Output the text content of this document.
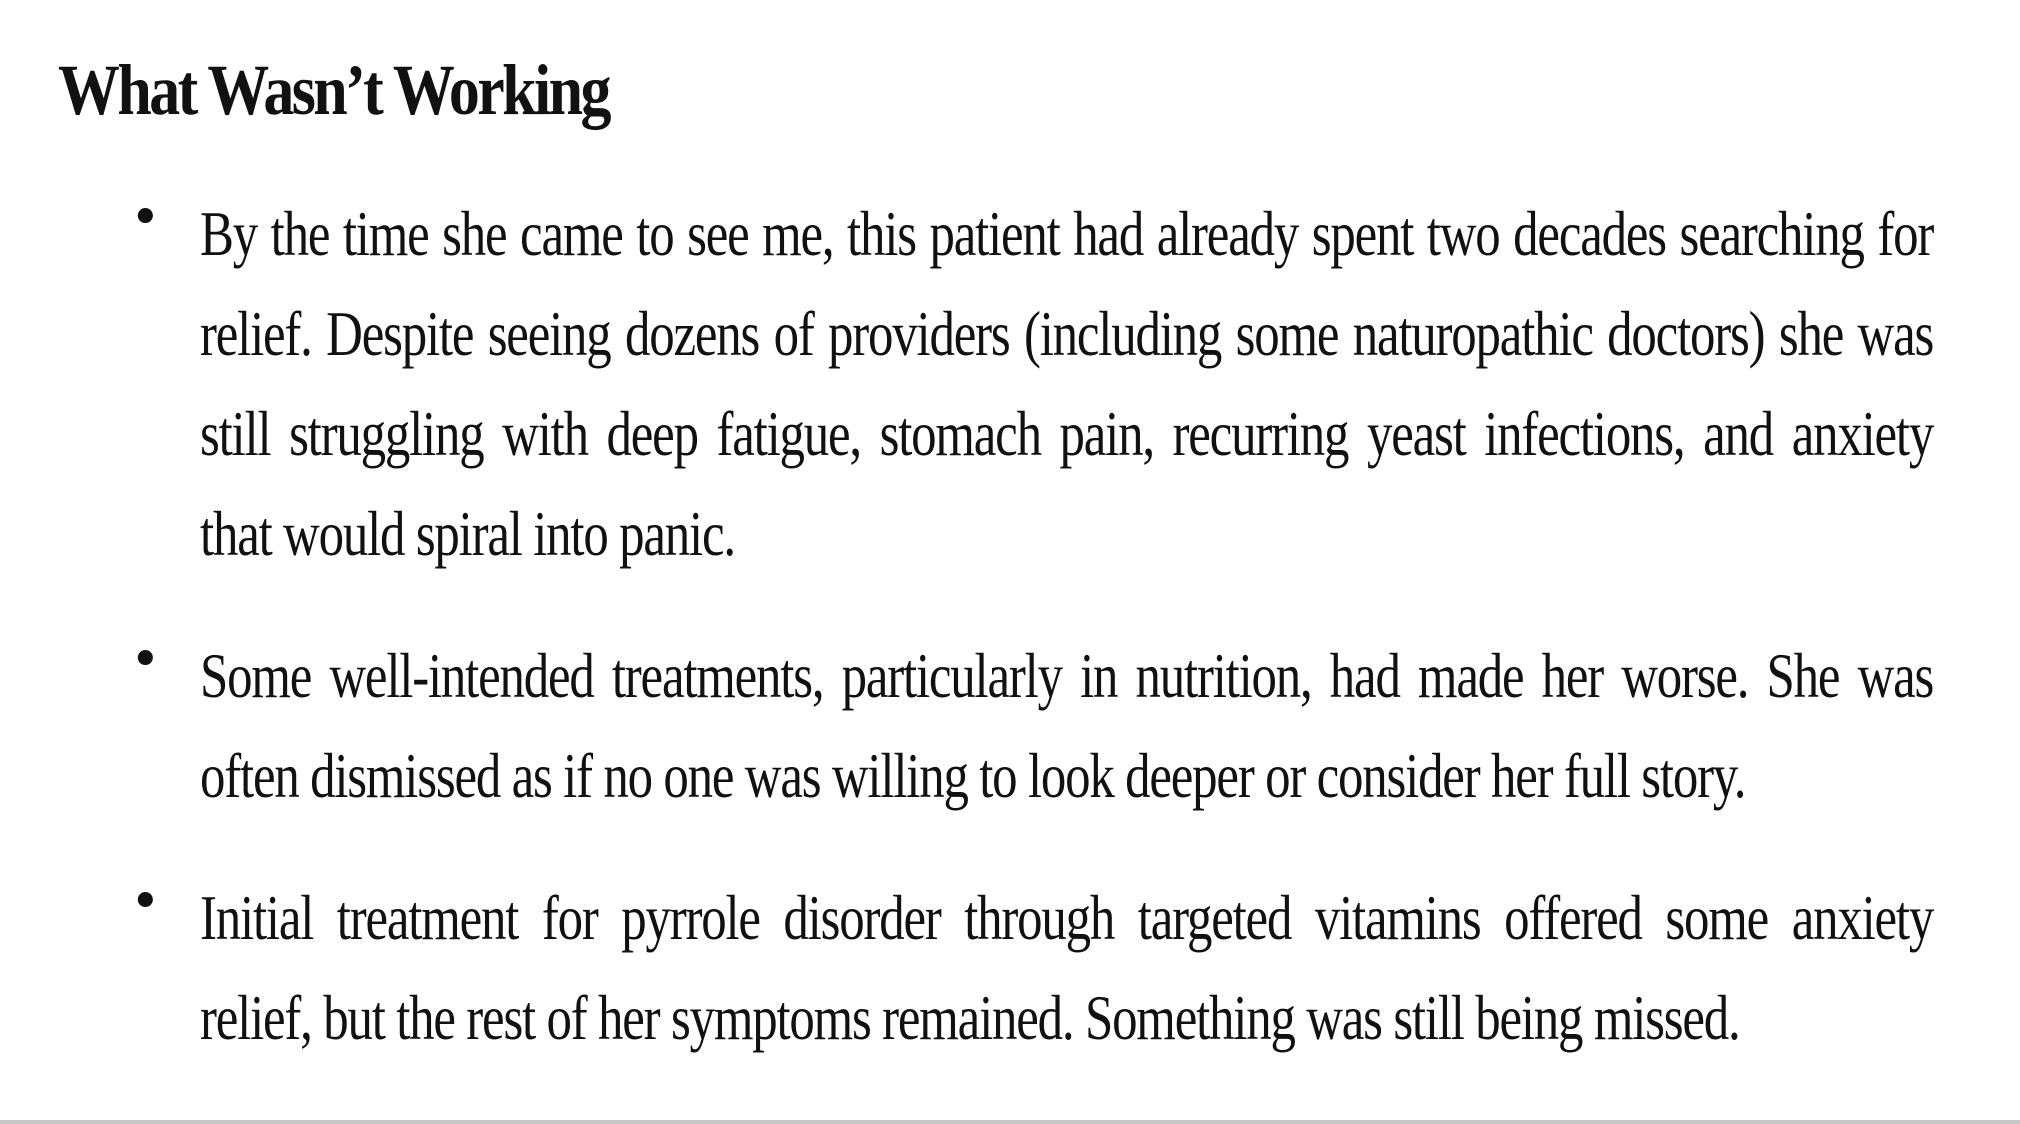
What Wasn’t Working
• By the time she came to see me, this patient had already spent two decades searching for relief. Despite seeing dozens of providers (including some naturopathic doctors) she was still struggling with deep fatigue, stomach pain, recurring yeast infections, and anxiety that would spiral into panic.
• Some well-intended treatments, particularly in nutrition, had made her worse. She was often dismissed as if no one was willing to look deeper or consider her full story.
• Initial treatment for pyrrole disorder through targeted vitamins offered some anxiety relief, but the rest of her symptoms remained. Something was still being missed.
